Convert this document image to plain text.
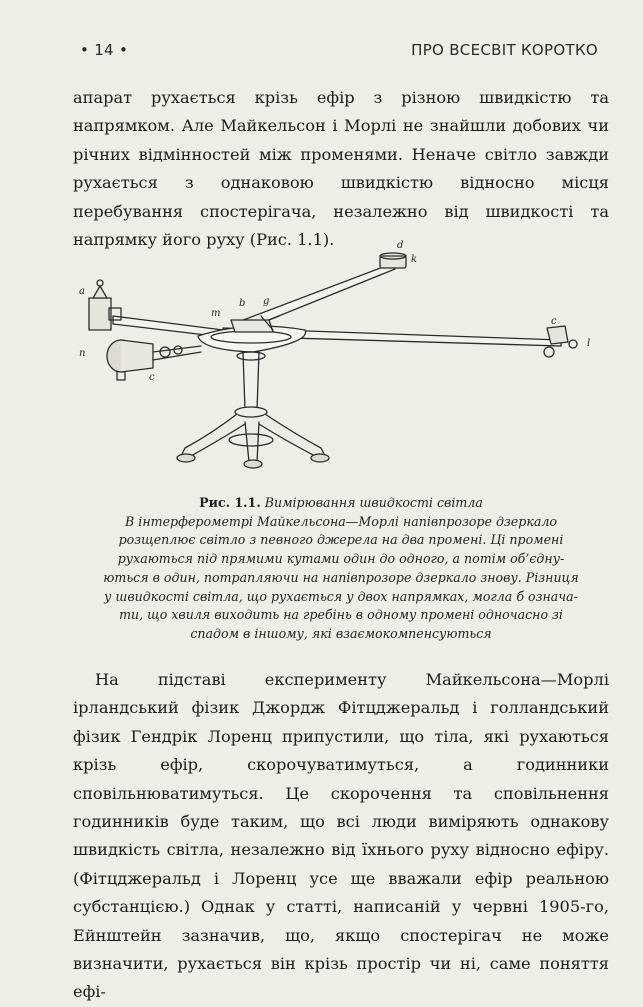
• 14 •	ПРО ВСЕСВІТ КОРОТКО

апарат рухається крізь ефір з різною швидкістю та напрямком. Але Майкельсон і Морлі не знайшли добових чи річних відмінностей між променями. Неначе світло завжди рухається з однаковою швидкістю відносно місця перебування спостерігача, незалежно від швидкості та напрямку його руху (Рис. 1.1).

a
d
k
m
b g
c
l
n
c
Рис. 1.1. Вимірювання швидкості світла
В інтерферометрі Майкельсона—Морлі напівпрозоре дзеркало
розщеплює світло з певного джерела на два промені. Ці промені
рухаються під прямими кутами один до одного, а потім об’єдну-
ються в один, потрапляючи на напівпрозоре дзеркало знову. Різниця
у швидкості світла, що рухається у двох напрямках, могла б означа-
ти, що хвиля виходить на гребінь в одному промені одночасно зі
спадом в іншому, які взаємокомпенсуються

На підставі експерименту Майкельсона—Морлі ірландський фізик Джордж Фітцджеральд і голландський фізик Гендрік Лоренц припустили, що тіла, які рухаються крізь ефір, скорочуватимуться, а годинники сповільнюватимуться. Це скорочення та сповільнення годинників буде таким, що всі люди виміряють однакову швидкість світла, незалежно від їхнього руху відносно ефіру. (Фітцджеральд і Лоренц усе ще вважали ефір реальною субстанцією.) Однак у статті, написаній у червні 1905-го, Ейнштейн зазначив, що, якщо спостерігач не може визначити, рухається він крізь простір чи ні, саме поняття ефі-
